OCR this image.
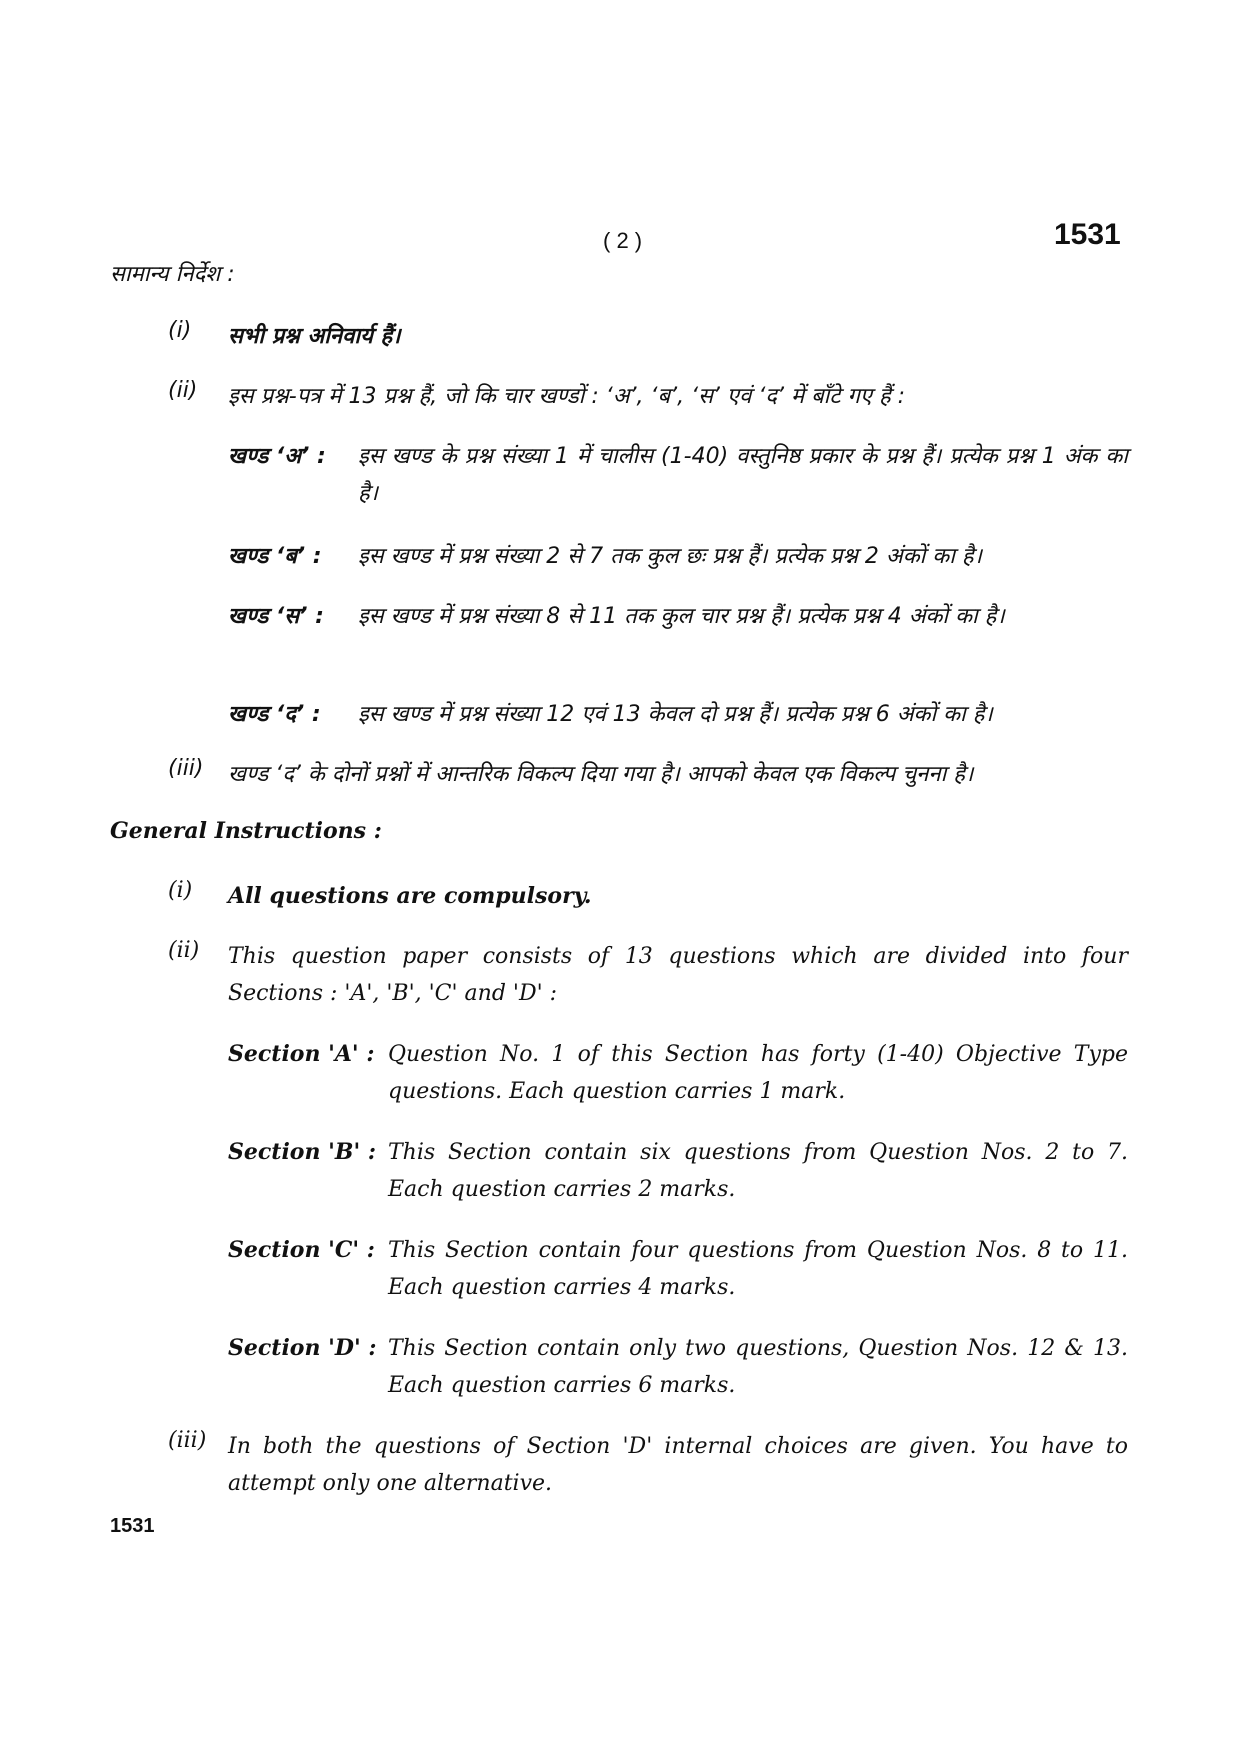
( 2 )	1531
सामान्य निर्देश :
(i)	सभी प्रश्न अनिवार्य हैं।
(ii)	इस प्रश्न-पत्र में 13 प्रश्न हैं, जो कि चार खण्डों : ‘अ’, ‘ब’, ‘स’ एवं ‘द’ में बाँटे गए हैं :
खण्ड ‘अ’ : इस खण्ड के प्रश्न संख्या 1 में चालीस (1-40) वस्तुनिष्ठ प्रकार के प्रश्न हैं। प्रत्येक प्रश्न 1 अंक का है।
खण्ड ‘ब’ : इस खण्ड में प्रश्न संख्या 2 से 7 तक कुल छः प्रश्न हैं। प्रत्येक प्रश्न 2 अंकों का है।
खण्ड ‘स’ : इस खण्ड में प्रश्न संख्या 8 से 11 तक कुल चार प्रश्न हैं। प्रत्येक प्रश्न 4 अंकों का है।
खण्ड ‘द’ : इस खण्ड में प्रश्न संख्या 12 एवं 13 केवल दो प्रश्न हैं। प्रत्येक प्रश्न 6 अंकों का है।
(iii)	खण्ड ‘द’ के दोनों प्रश्नों में आन्तरिक विकल्प दिया गया है। आपको केवल एक विकल्प चुनना है।
General Instructions :
(i)	All questions are compulsory.
(ii)	This question paper consists of 13 questions which are divided into four Sections : 'A', 'B', 'C' and 'D' :
Section 'A' : Question No. 1 of this Section has forty (1-40) Objective Type questions. Each question carries 1 mark.
Section 'B' : This Section contain six questions from Question Nos. 2 to 7. Each question carries 2 marks.
Section 'C' : This Section contain four questions from Question Nos. 8 to 11. Each question carries 4 marks.
Section 'D' : This Section contain only two questions, Question Nos. 12 & 13. Each question carries 6 marks.
(iii) In both the questions of Section 'D' internal choices are given. You have to attempt only one alternative.
1531
